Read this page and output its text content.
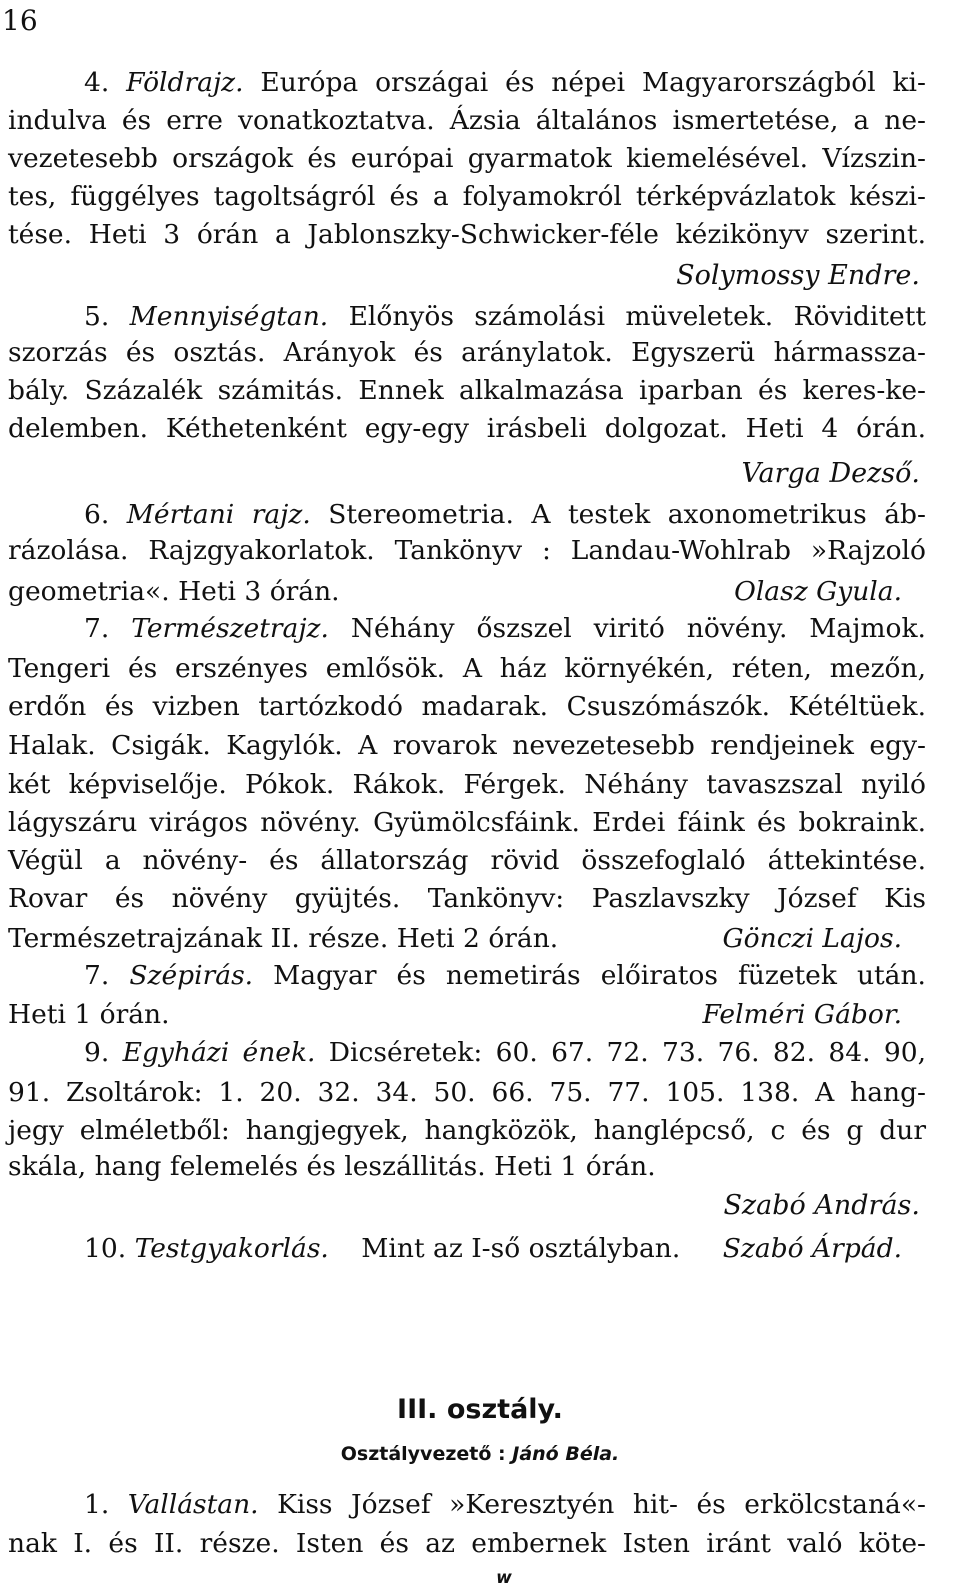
16
4. Földrajz. Európa országai és népei Magyarországból ki-
indulva és erre vonatkoztatva. Ázsia általános ismertetése, a ne-
vezetesebb országok és európai gyarmatok kiemelésével. Vízszin-
tes, függélyes tagoltságról és a folyamokról térképvázlatok készi-
tése. Heti 3 órán a Jablonszky-Schwicker-féle kézikönyv szerint.
Solymossy Endre.
5. Mennyiségtan. Előnyös számolási müveletek. Röviditett
szorzás és osztás. Arányok és aránylatok. Egyszerü hármassza-
bály. Százalék számitás. Ennek alkalmazása iparban és keres-ke-
delemben. Kéthetenként egy-egy irásbeli dolgozat. Heti 4 órán.
Varga Dezső.
6. Mértani rajz. Stereometria. A testek axonometrikus áb-
rázolása. Rajzgyakorlatok. Tankönyv : Landau-Wohlrab »Rajzoló
geometria«. Heti 3 órán.	Olasz Gyula.
7. Természetrajz. Néhány őszszel viritó növény. Majmok.
Tengeri és erszényes emlősök. A ház környékén, réten, mezőn,
erdőn és vizben tartózkodó madarak. Csuszómászók. Kétéltüek.
Halak. Csigák. Kagylók. A rovarok nevezetesebb rendjeinek egy-
két képviselője. Pókok. Rákok. Férgek. Néhány tavaszszal nyiló
lágyszáru virágos növény. Gyümölcsfáink. Erdei fáink és bokraink.
Végül a növény- és állatország rövid összefoglaló áttekintése.
Rovar és növény gyüjtés. Tankönyv: Paszlavszky József Kis
Természetrajzának II. része. Heti 2 órán.	Gönczi Lajos.
7. Szépirás. Magyar és nemetirás előiratos füzetek után.
Heti 1 órán.	Felméri Gábor.
9. Egyházi ének. Dicséretek: 60. 67. 72. 73. 76. 82. 84. 90,
91. Zsoltárok: 1. 20. 32. 34. 50. 66. 75. 77. 105. 138. A hang-
jegy elméletből: hangjegyek, hangközök, hanglépcső, c és g dur
skála, hang felemelés és leszállitás. Heti 1 órán.
Szabó András.
10. Testgyakorlás. Mint az I-ső osztályban. Szabó Árpád.
III. osztály.
Osztályvezető : Jánó Béla.
1. Vallástan. Kiss József »Keresztyén hit- és erkölcstaná«-
nak I. és II. része. Isten és az embernek Isten iránt való köte-
w
